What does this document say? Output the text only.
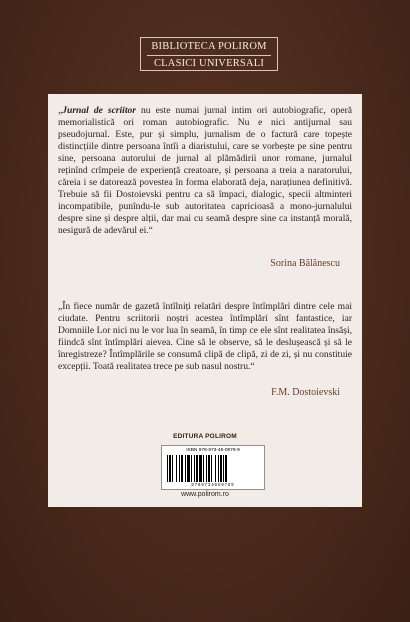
BIBLIOTECA POLIROM
CLASICI UNIVERSALI

„Jurnal de scriitor nu este numai jurnal intim ori autobiografic, operă memorialistică ori roman autobiografic. Nu e nici antijurnal sau pseudojurnal. Este, pur și simplu, jurnalism de o factură care topește distincțiile dintre persoana întîi a diaristului, care se vorbește pe sine pentru sine, persoana autorului de jurnal al plămădirii unor romane, jurnalul reținînd crîmpeie de experiență creatoare, și persoana a treia a naratorului, căreia i se datorează povestea în forma elaborată deja, narațiunea definitivă. Trebuie să fii Dostoievski pentru ca să împaci, dialogic, specii altminteri incompatibile, punîndu-le sub autoritatea capricioasă a mono-jurnalului despre sine și despre alții, dar mai cu seamă despre sine ca instanță morală, nesigură de adevărul ei.“

Sorina Bălănescu

„În fiece număr de gazetă întîlniți relatări despre întîmplări dintre cele mai ciudate. Pentru scriitorii noștri acestea întîmplări sînt fantastice, iar Domniile Lor nici nu le vor lua în seamă, în timp ce ele sînt realitatea însăși, fiindcă sînt întîmplări aievea. Cine să le observe, să le deslușească și să le înregistreze? Întîmplările se consumă clipă de clipă, zi de zi, și nu constituie excepții. Toată realitatea trece pe sub nasul nostru.“

F.M. Dostoievski
EDITURA POLIROM
ISBN 978-973-46-0978-9
9789734609789
www.polirom.ro
